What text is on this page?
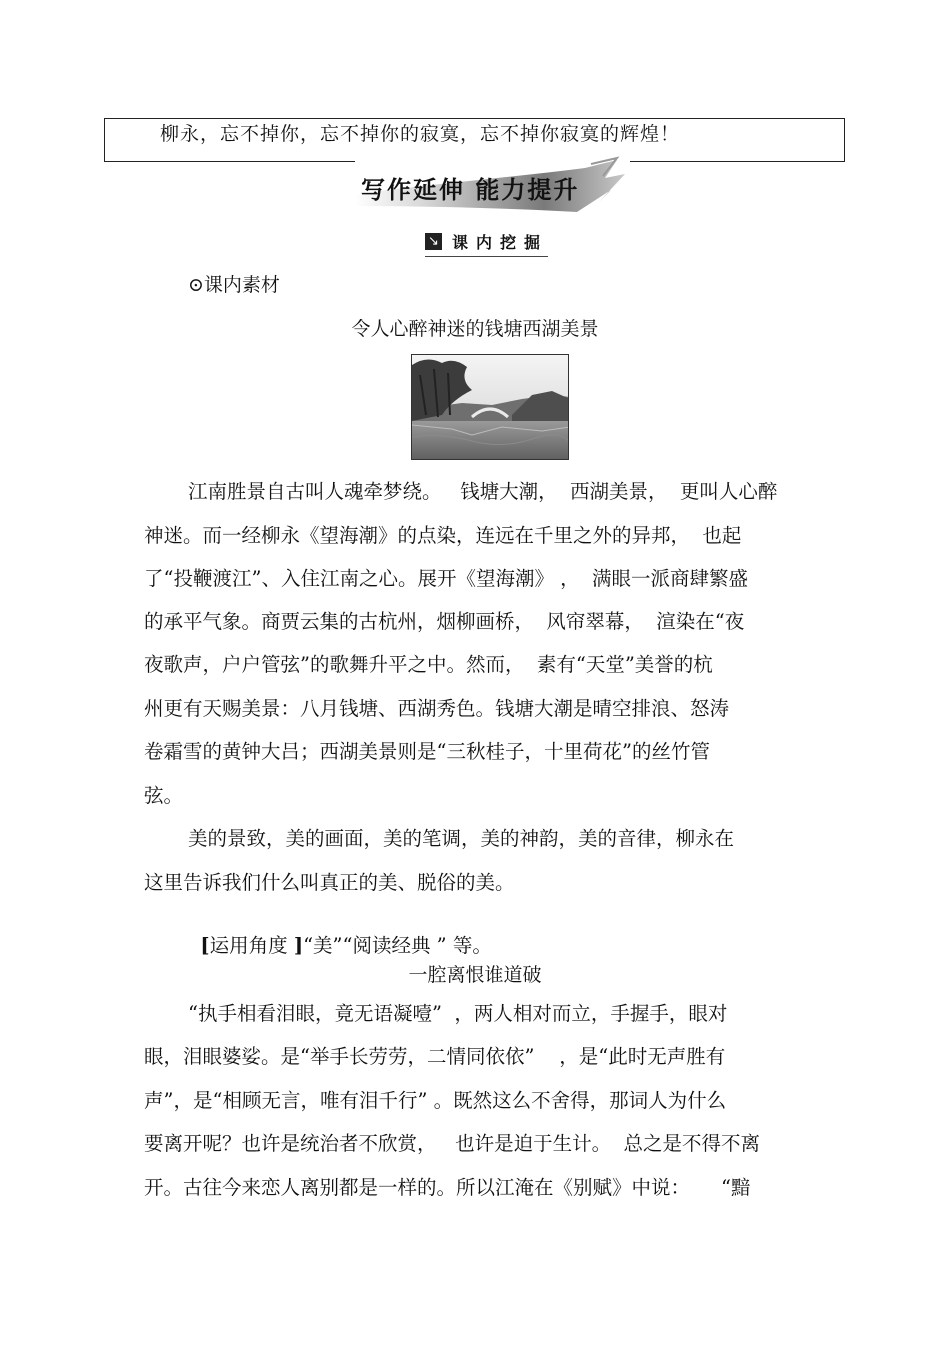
柳永，忘不掉你，忘不掉你的寂寞，忘不掉你寂寞的辉煌！
写作延伸 能力提升
↘ 课内挖掘
⊙课内素材
令人心醉神迷的钱塘西湖美景
江南胜景自古叫人魂牵梦绕。   钱塘大潮，  西湖美景，  更叫人心醉
神迷。而一经柳永《望海潮》的点染，连远在千里之外的异邦，  也起
了“投鞭渡江”、入住江南之心。展开《望海潮》 ，  满眼一派商肆繁盛
的承平气象。商贾云集的古杭州，烟柳画桥，  风帘翠幕，  渲染在“夜
夜歌声，户户管弦”的歌舞升平之中。然而，  素有“天堂”美誉的杭
州更有天赐美景：八月钱塘、西湖秀色。钱塘大潮是晴空排浪、怒涛
卷霜雪的黄钟大吕；西湖美景则是“三秋桂子，十里荷花”的丝竹管
弦。
美的景致，美的画面，美的笔调，美的神韵，美的音律，柳永在
这里告诉我们什么叫真正的美、脱俗的美。

[运用角度 ]“美”“阅读经典 ” 等。

一腔离恨谁道破
“执手相看泪眼，竟无语凝噎”  ，两人相对而立，手握手，眼对
眼，泪眼婆娑。是“举手长劳劳，二情同依依”    ，是“此时无声胜有
声”，是“相顾无言，唯有泪千行” 。既然这么不舍得，那词人为什么
要离开呢？也许是统治者不欣赏，   也许是迫于生计。  总之是不得不离
开。古往今来恋人离别都是一样的。所以江淹在《别赋》中说：     “黯
